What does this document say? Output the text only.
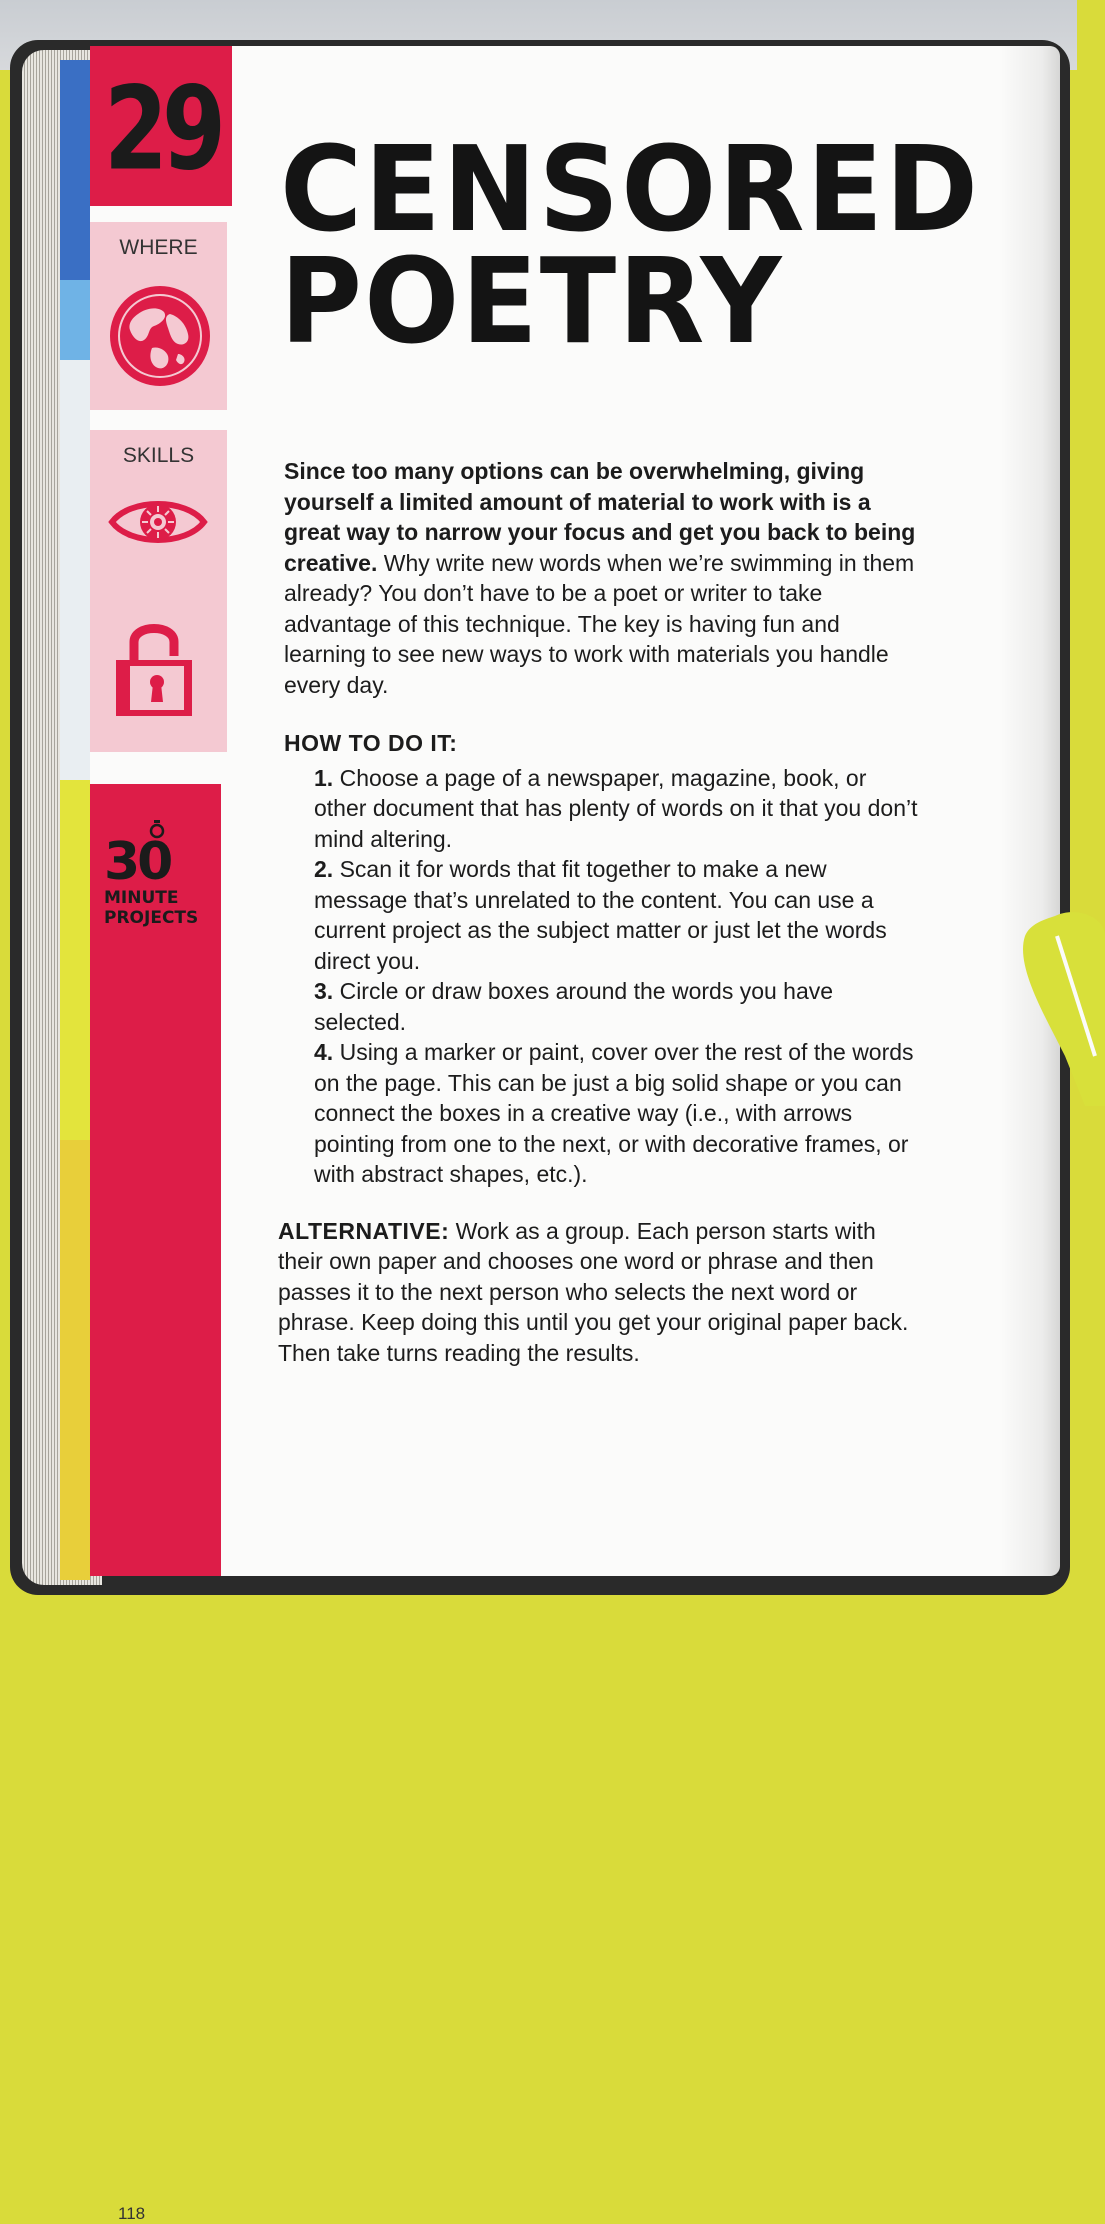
29
WHERE
SKILLS
30
MINUTE
PROJECTS
118
CENSORED
POETRY

Since too many options can be overwhelming, giving yourself a limited amount of material to work with is a great way to narrow your focus and get you back to being creative. Why write new words when we’re swimming in them already? You don’t have to be a poet or writer to take advantage of this technique. The key is having fun and learning to see new ways to work with materials you handle every day.

HOW TO DO IT:

1. Choose a page of a newspaper, magazine, book, or other document that has plenty of words on it that you don’t mind altering.
2. Scan it for words that fit together to make a new message that’s unrelated to the content. You can use a current project as the subject matter or just let the words direct you.
3. Circle or draw boxes around the words you have selected.
4. Using a marker or paint, cover over the rest of the words on the page. This can be just a big solid shape or you can connect the boxes in a creative way (i.e., with arrows pointing from one to the next, or with decorative frames, or with abstract shapes, etc.).

ALTERNATIVE: Work as a group. Each person starts with their own paper and chooses one word or phrase and then passes it to the next person who selects the next word or phrase. Keep doing this until you get your original paper back. Then take turns reading the results.
